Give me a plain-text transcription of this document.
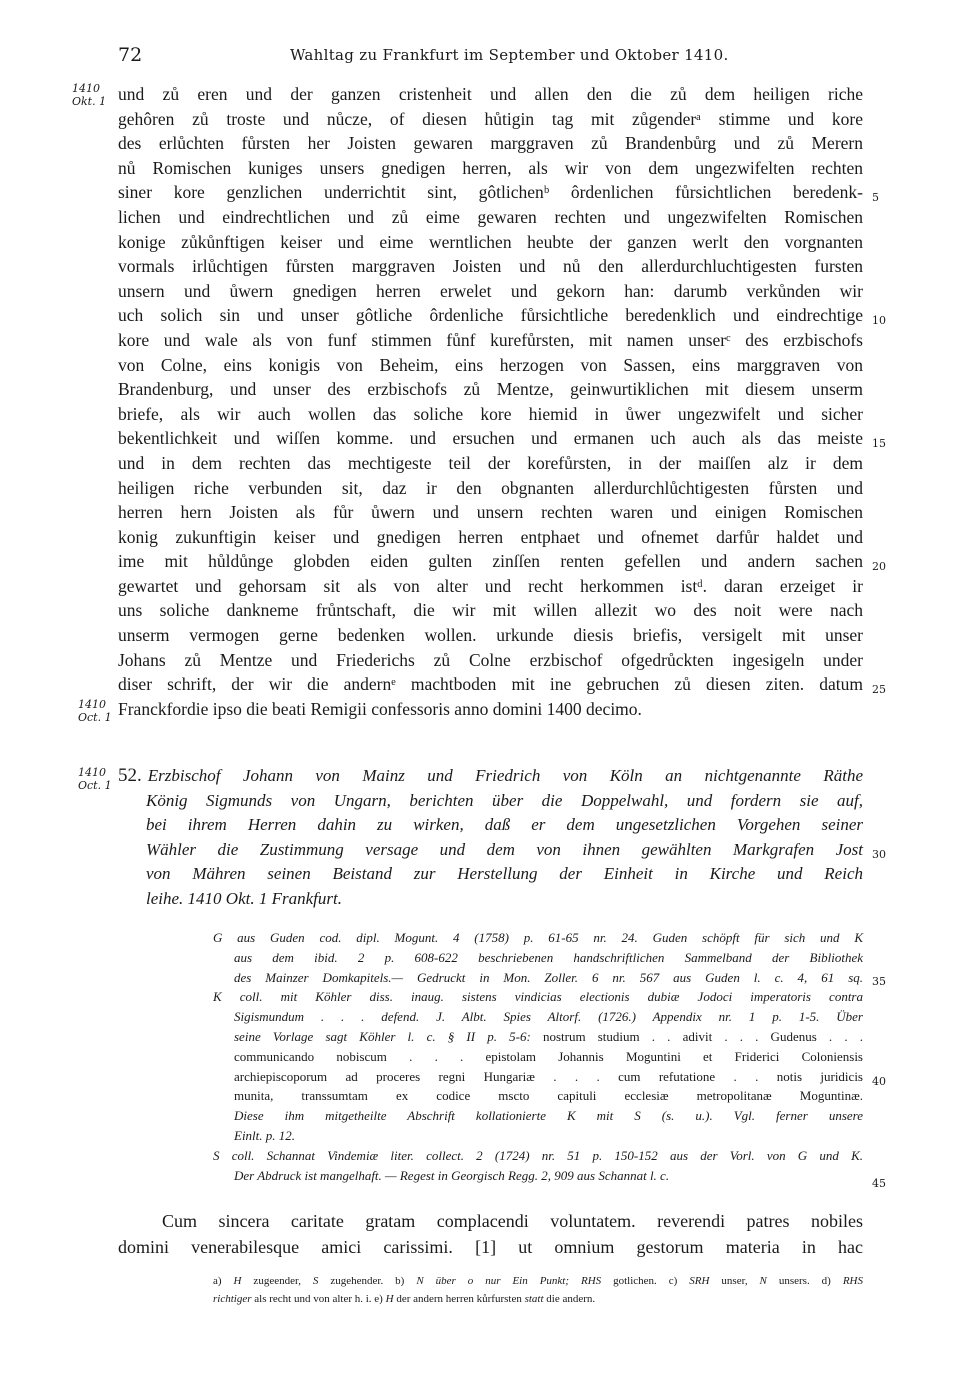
72	Wahltag zu Frankfurt im September und Oktober 1410.
1410
Okt. 1
1410
Oct. 1
1410
Oct. 1
5
10
15
20
25
30
35
40
45
und zů eren und der ganzen cristenheit und allen den die zů dem heiligen riche
gehôren zů troste und nůcze, of diesen hůtigin tag mit zůgenderᵃ stimme und kore
des erlůchten fůrsten her Joisten gewaren marggraven zů Brandenbůrg und zů Merern
nů Romischen kuniges unsers gnedigen herren, als wir von dem ungezwifelten rechten
siner kore genzlichen underrichtit sint, gôtlichenᵇ ôrdenlichen fůrsichtlichen beredenk-
lichen und eindrechtlichen und zů eime gewaren rechten und ungezwifelten Romischen
konige zůkůnftigen keiser und eime werntlichen heubte der ganzen werlt den vorgnanten
vormals irlůchtigen fůrsten marggraven Joisten und nů den allerdurchluchtigesten fursten
unsern und ůwern gnedigen herren erwelet und gekorn han: darumb verkůnden wir
uch solich sin und unser gôtliche ôrdenliche fůrsichtliche beredenklich und eindrechtige
kore und wale als von funf stimmen fůnf kurefůrsten, mit namen unserᶜ des erzbischofs
von Colne, eins konigis von Beheim, eins herzogen von Sassen, eins marggraven von
Brandenburg, und unser des erzbischofs zů Mentze, geinwurtiklichen mit diesem unserm
briefe, als wir auch wollen das soliche kore hiemid in ůwer ungezwifelt und sicher
bekentlichkeit und wiſſen komme. und ersuchen und ermanen uch auch als das meiste
und in dem rechten das mechtigeste teil der korefůrsten, in der maiſſen alz ir dem
heiligen riche verbunden sit, daz ir den obgnanten allerdurchlůchtigesten fůrsten und
herren hern Joisten als fůr ůwern und unsern rechten waren und einigen Romischen
konig zukunftigin keiser und gnedigen herren entphaet und ofnemet darfůr haldet und
ime mit hůldůnge globden eiden gulten zinſſen renten gefellen und andern sachen
gewartet und gehorsam sit als von alter und recht herkommen istᵈ. daran erzeiget ir
uns soliche dankneme frůntschaft, die wir mit willen allezit wo des noit were nach
unserm vermogen gerne bedenken wollen. urkunde diesis briefis, versigelt mit unser
Johans zů Mentze und Friederichs zů Colne erzbischof ofgedrůckten ingesigeln under
diser schrift, der wir die andernᵉ machtboden mit ine gebruchen zů diesen ziten. datum
Franckfordie ipso die beati Remigii confessoris anno domini 1400 decimo.
52. Erzbischof Johann von Mainz und Friedrich von Köln an nichtgenannte Räthe
König Sigmunds von Ungarn, berichten über die Doppelwahl, und fordern sie auf,
bei ihrem Herren dahin zu wirken, daß er dem ungesetzlichen Vorgehen seiner
Wähler die Zustimmung versage und dem von ihnen gewählten Markgrafen Jost
von Mähren seinen Beistand zur Herstellung der Einheit in Kirche und Reich
leihe. 1410 Okt. 1 Frankfurt.
G aus Guden cod. dipl. Mogunt. 4 (1758) p. 61-65 nr. 24. Guden schöpft für sich und K
aus dem ibid. 2 p. 608-622 beschriebenen handschriftlichen Sammelband der Bibliothek
des Mainzer Domkapitels.— Gedruckt in Mon. Zoller. 6 nr. 567 aus Guden l. c. 4, 61 sq.
K coll. mit Köhler diss. inaug. sistens vindicias electionis dubiæ Jodoci imperatoris contra
Sigismundum . . . defend. J. Albt. Spies Altorf. (1726.) Appendix nr. 1 p. 1-5. Über
seine Vorlage sagt Köhler l. c. § II p. 5-6: nostrum studium . . adivit . . . Gudenus . . .
communicando nobiscum . . . epistolam Johannis Moguntini et Friderici Coloniensis
archiepiscoporum ad proceres regni Hungariæ . . . cum refutatione . . notis juridicis
munita, transsumtam ex codice mscto capituli ecclesiæ metropolitanæ Moguntinæ.
Diese ihm mitgetheilte Abschrift kollationierte K mit S (s. u.). Vgl. ferner unsere
Einlt. p. 12.
S coll. Schannat Vindemiæ liter. collect. 2 (1724) nr. 51 p. 150-152 aus der Vorl. von G und K.
Der Abdruck ist mangelhaft. — Regest in Georgisch Regg. 2, 909 aus Schannat l. c.
Cum sincera caritate gratam complacendi voluntatem. reverendi patres nobiles
domini venerabilesque amici carissimi. [1] ut omnium gestorum materia in hac
a) H zugeender, S zugehender. b) N über o nur Ein Punkt; RHS gotlichen. c) SRH unser, N unsers. d) RHS
richtiger als recht und von alter h. i. e) H der andern herren kůrfursten statt die andern.
